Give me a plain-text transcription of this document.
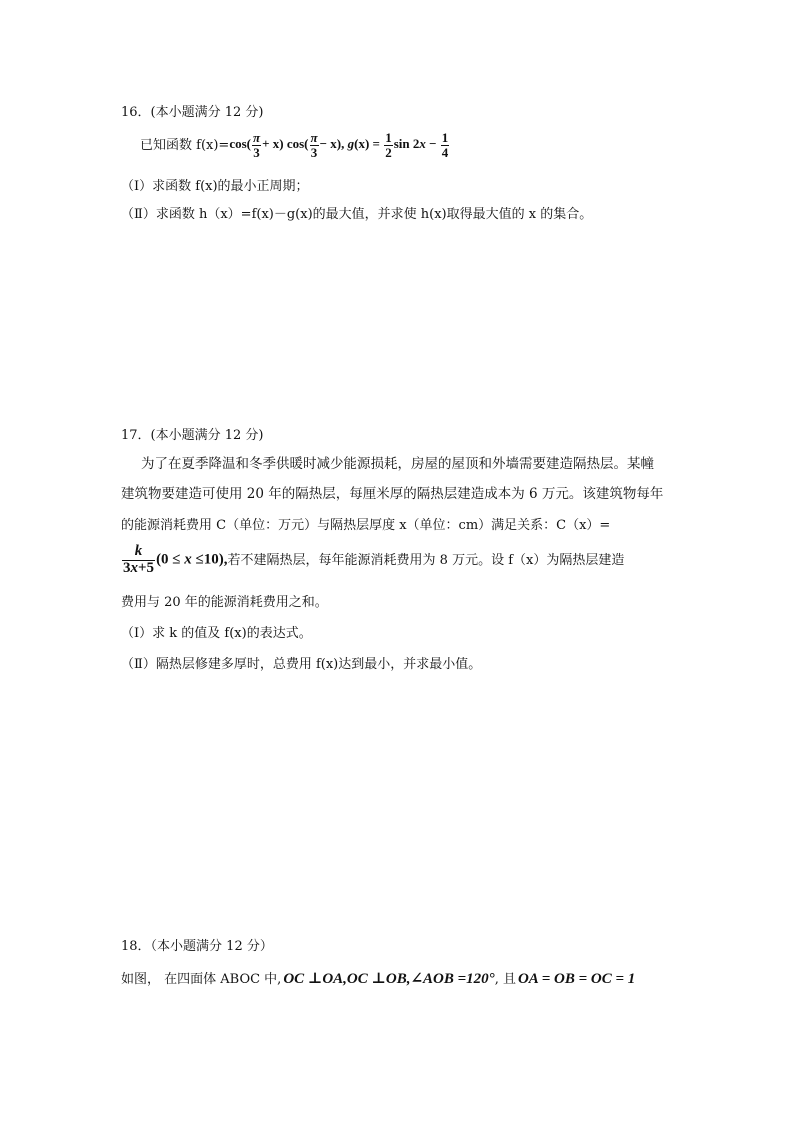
16．(本小题满分 12 分)
已知函数 $f(x)= \cos( \frac{\pi}{3} + x)$ $\cos( \frac{\pi}{3} - x)$, $g(x) = \frac{1}{2}$ $\sin 2x - \frac{1}{4}$
（Ⅰ）求函数 f(x)的最小正周期；
（Ⅱ）求函数 h（x）=f(x)－g(x)的最大值，并求使 h(x)取得最大值的 x 的集合。
17．(本小题满分 12 分)
为了在夏季降温和冬季供暖时减少能源损耗，房屋的屋顶和外墙需要建造隔热层。某幢
建筑物要建造可使用 20 年的隔热层，每厘米厚的隔热层建造成本为 6 万元。该建筑物每年
的能源消耗费用 C（单位：万元）与隔热层厚度 x（单位：cm）满足关系：C（x）=
$\frac{k}{3x+5} (0 \le x \le 10)$, 若不建隔热层，每年能源消耗费用为 8 万元。设 f（x）为隔热层建造
费用与 20 年的能源消耗费用之和。
（Ⅰ）求 k 的值及 f(x)的表达式。
（Ⅱ）隔热层修建多厚时，总费用 f(x)达到最小，并求最小值。
18．（本小题满分 12 分）
如图， 在四面体 ABOC 中, OC ⊥OA,OC ⊥OB,∠AOB =120° , 且 OA = OB = OC = 1
